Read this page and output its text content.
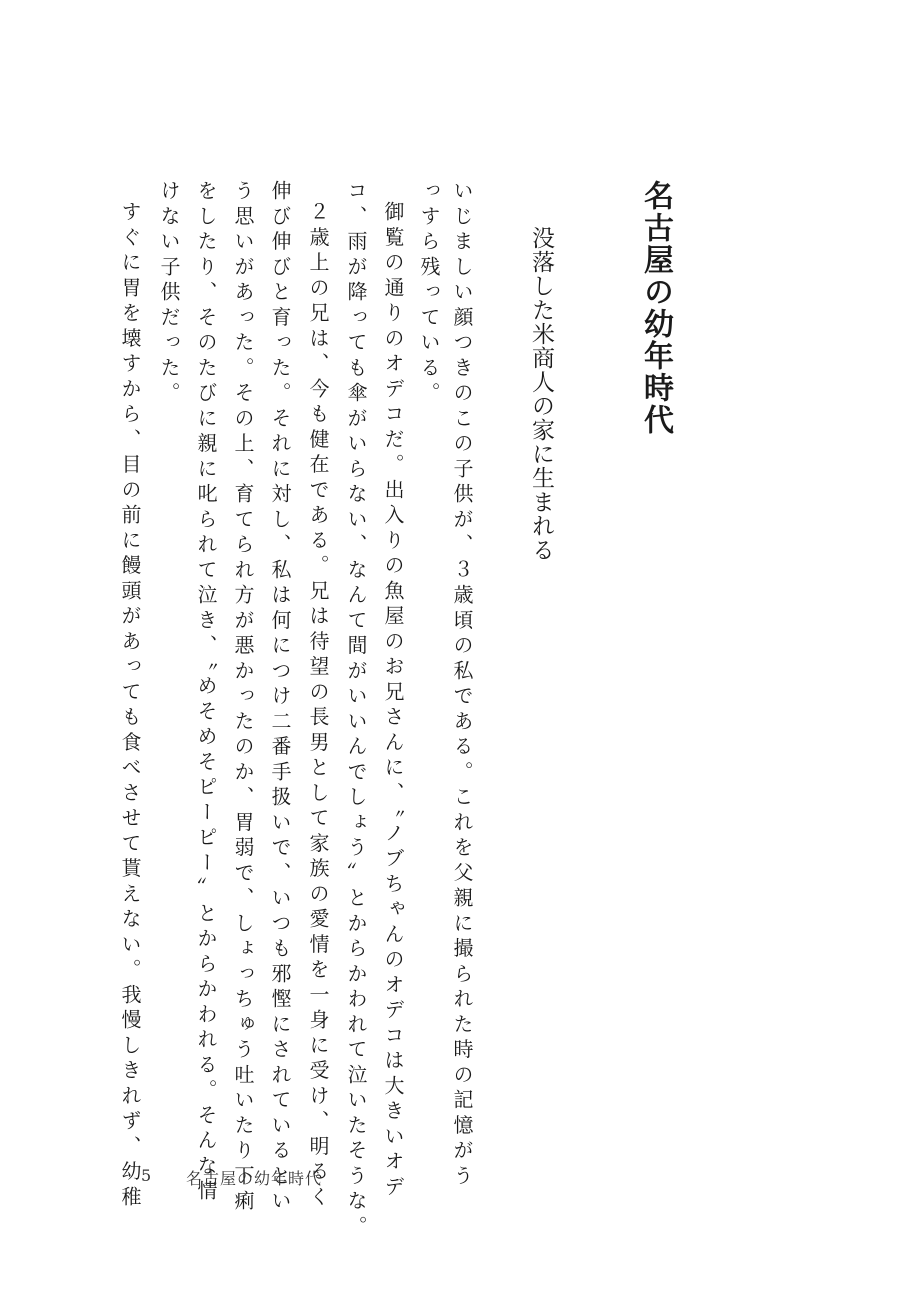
名古屋の幼年時代
没落した米商人の家に生まれる
いじましい顔つきのこの子供が、３歳頃の私である。これを父親に撮られた時の記憶がう
っすら残っている。
御覧の通りのオデコだ。出入りの魚屋のお兄さんに、〝ノブちゃんのオデコは大きいオデ
コ、雨が降っても傘がいらない、なんて間がいいんでしょう〟とからかわれて泣いたそうな。
２歳上の兄は、今も健在である。兄は待望の長男として家族の愛情を一身に受け、明るく
伸び伸びと育った。それに対し、私は何につけ二番手扱いで、いつも邪慳にされているとい
う思いがあった。その上、育てられ方が悪かったのか、胃弱で、しょっちゅう吐いたり下痢
をしたり、そのたびに親に叱られて泣き、〝めそめそピーピー〟とからかわれる。そんな情
けない子供だった。
すぐに胃を壊すから、目の前に饅頭があっても食べさせて貰えない。我慢しきれず、幼稚 5 名古屋の幼年時代
